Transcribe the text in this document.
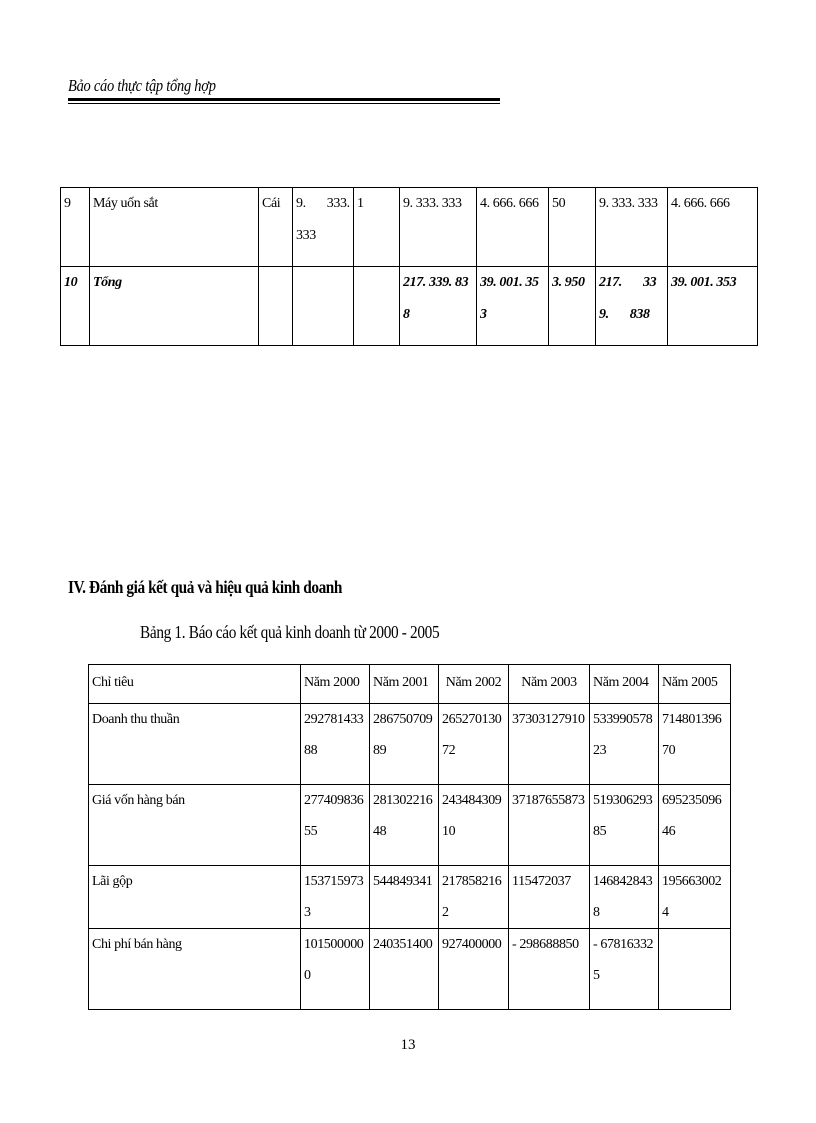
Bảo cáo thực tập tổng hợp
9	Máy uốn sắt	Cái	9. 333. 333	1	9. 333. 333	4. 666. 666	50	9. 333. 333	4. 666. 666
10	Tổng				217. 339. 838	39. 001. 353	3. 950	217. 339. 838	39. 001. 353
IV. Đánh giá kết quả và hiệu quả kinh doanh
Bảng 1. Báo cáo kết quả kinh doanh từ 2000 - 2005
Chỉ tiêu	Năm 2000	Năm 2001	Năm 2002	Năm 2003	Năm 2004	Năm 2005
Doanh thu thuần	29278143388	28675070989	26527013072	37303127910	53399057823	71480139670
Giá vốn hàng bán	27740983655	28130221648	24348430910	37187655873	51930629385	69523509646
Lãi gộp	1537159733	544849341	2178582162	115472037	1468428438	1956630024
Chi phí bán hàng	1015000000	240351400	927400000	- 298688850	- 678163325	
13
